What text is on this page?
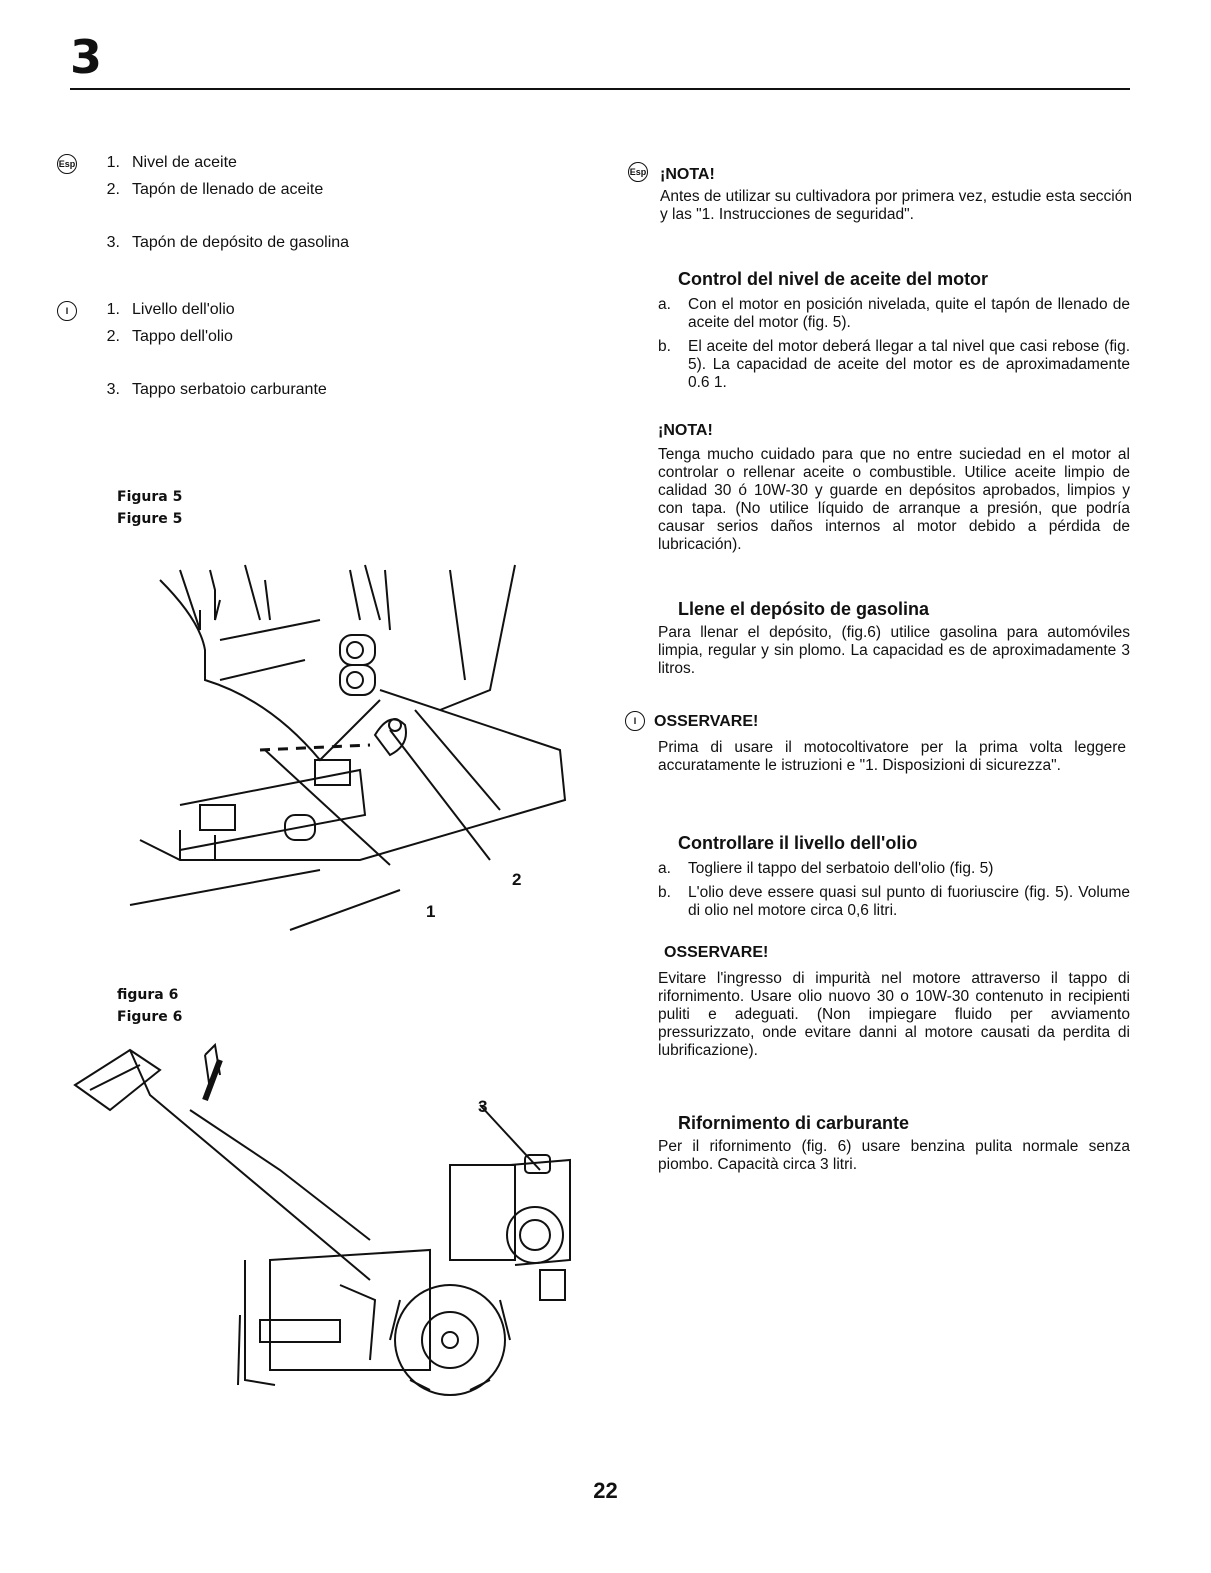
3
Esp 1. Nivel de aceite
2. Tapón de llenado de aceite
3. Tapón de depósito de gasolina
I	1. Livello dell'olio
2. Tappo dell'olio
3. Tappo serbatoio carburante
Figura 5
Figure 5
2
1
figura 6
Figure 6
3
Esp ¡NOTA!
Antes de utilizar su cultivadora por primera vez, estudie esta sección y las "1. Instrucciones de seguridad".
Control del nivel de aceite del motor
a. Con el motor en posición nivelada, quite el tapón de llenado de aceite del motor (fig. 5).
b. El aceite del motor deberá llegar a tal nivel que casi rebose (fig. 5). La capacidad de aceite del motor es de aproximadamente 0.6 1.
¡NOTA!
Tenga mucho cuidado para que no entre suciedad en el motor al controlar o rellenar aceite o combustible. Utilice aceite limpio de calidad 30 ó 10W-30 y guarde en depósitos aprobados, limpios y con tapa. (No utilice líquido de arranque a presión, que podría causar serios daños internos al motor debido a pérdida de lubricación).
Llene el depósito de gasolina
Para llenar el depósito, (fig.6) utilice gasolina para automóviles limpia, regular y sin plomo. La capacidad es de aproximadamente 3 litros.
I	OSSERVARE!
Prima di usare il motocoltivatore per la prima volta leggere accuratamente le istruzioni e "1. Disposizioni di sicurezza".
Controllare il livello dell'olio
a. Togliere il tappo del serbatoio dell'olio (fig. 5)
b. L'olio deve essere quasi sul punto di fuoriuscire (fig. 5). Volume di olio nel motore circa 0,6 litri.
OSSERVARE!
Evitare l'ingresso di impurità nel motore attraverso il tappo di rifornimento. Usare olio nuovo 30 o 10W-30 contenuto in recipienti puliti e adeguati. (Non impiegare fluido per avviamento pressurizzato, onde evitare danni al motore causati da perdita di lubrificazione).
Rifornimento di carburante
Per il rifornimento (fig. 6) usare benzina pulita normale senza piombo. Capacità circa 3 litri.
22
